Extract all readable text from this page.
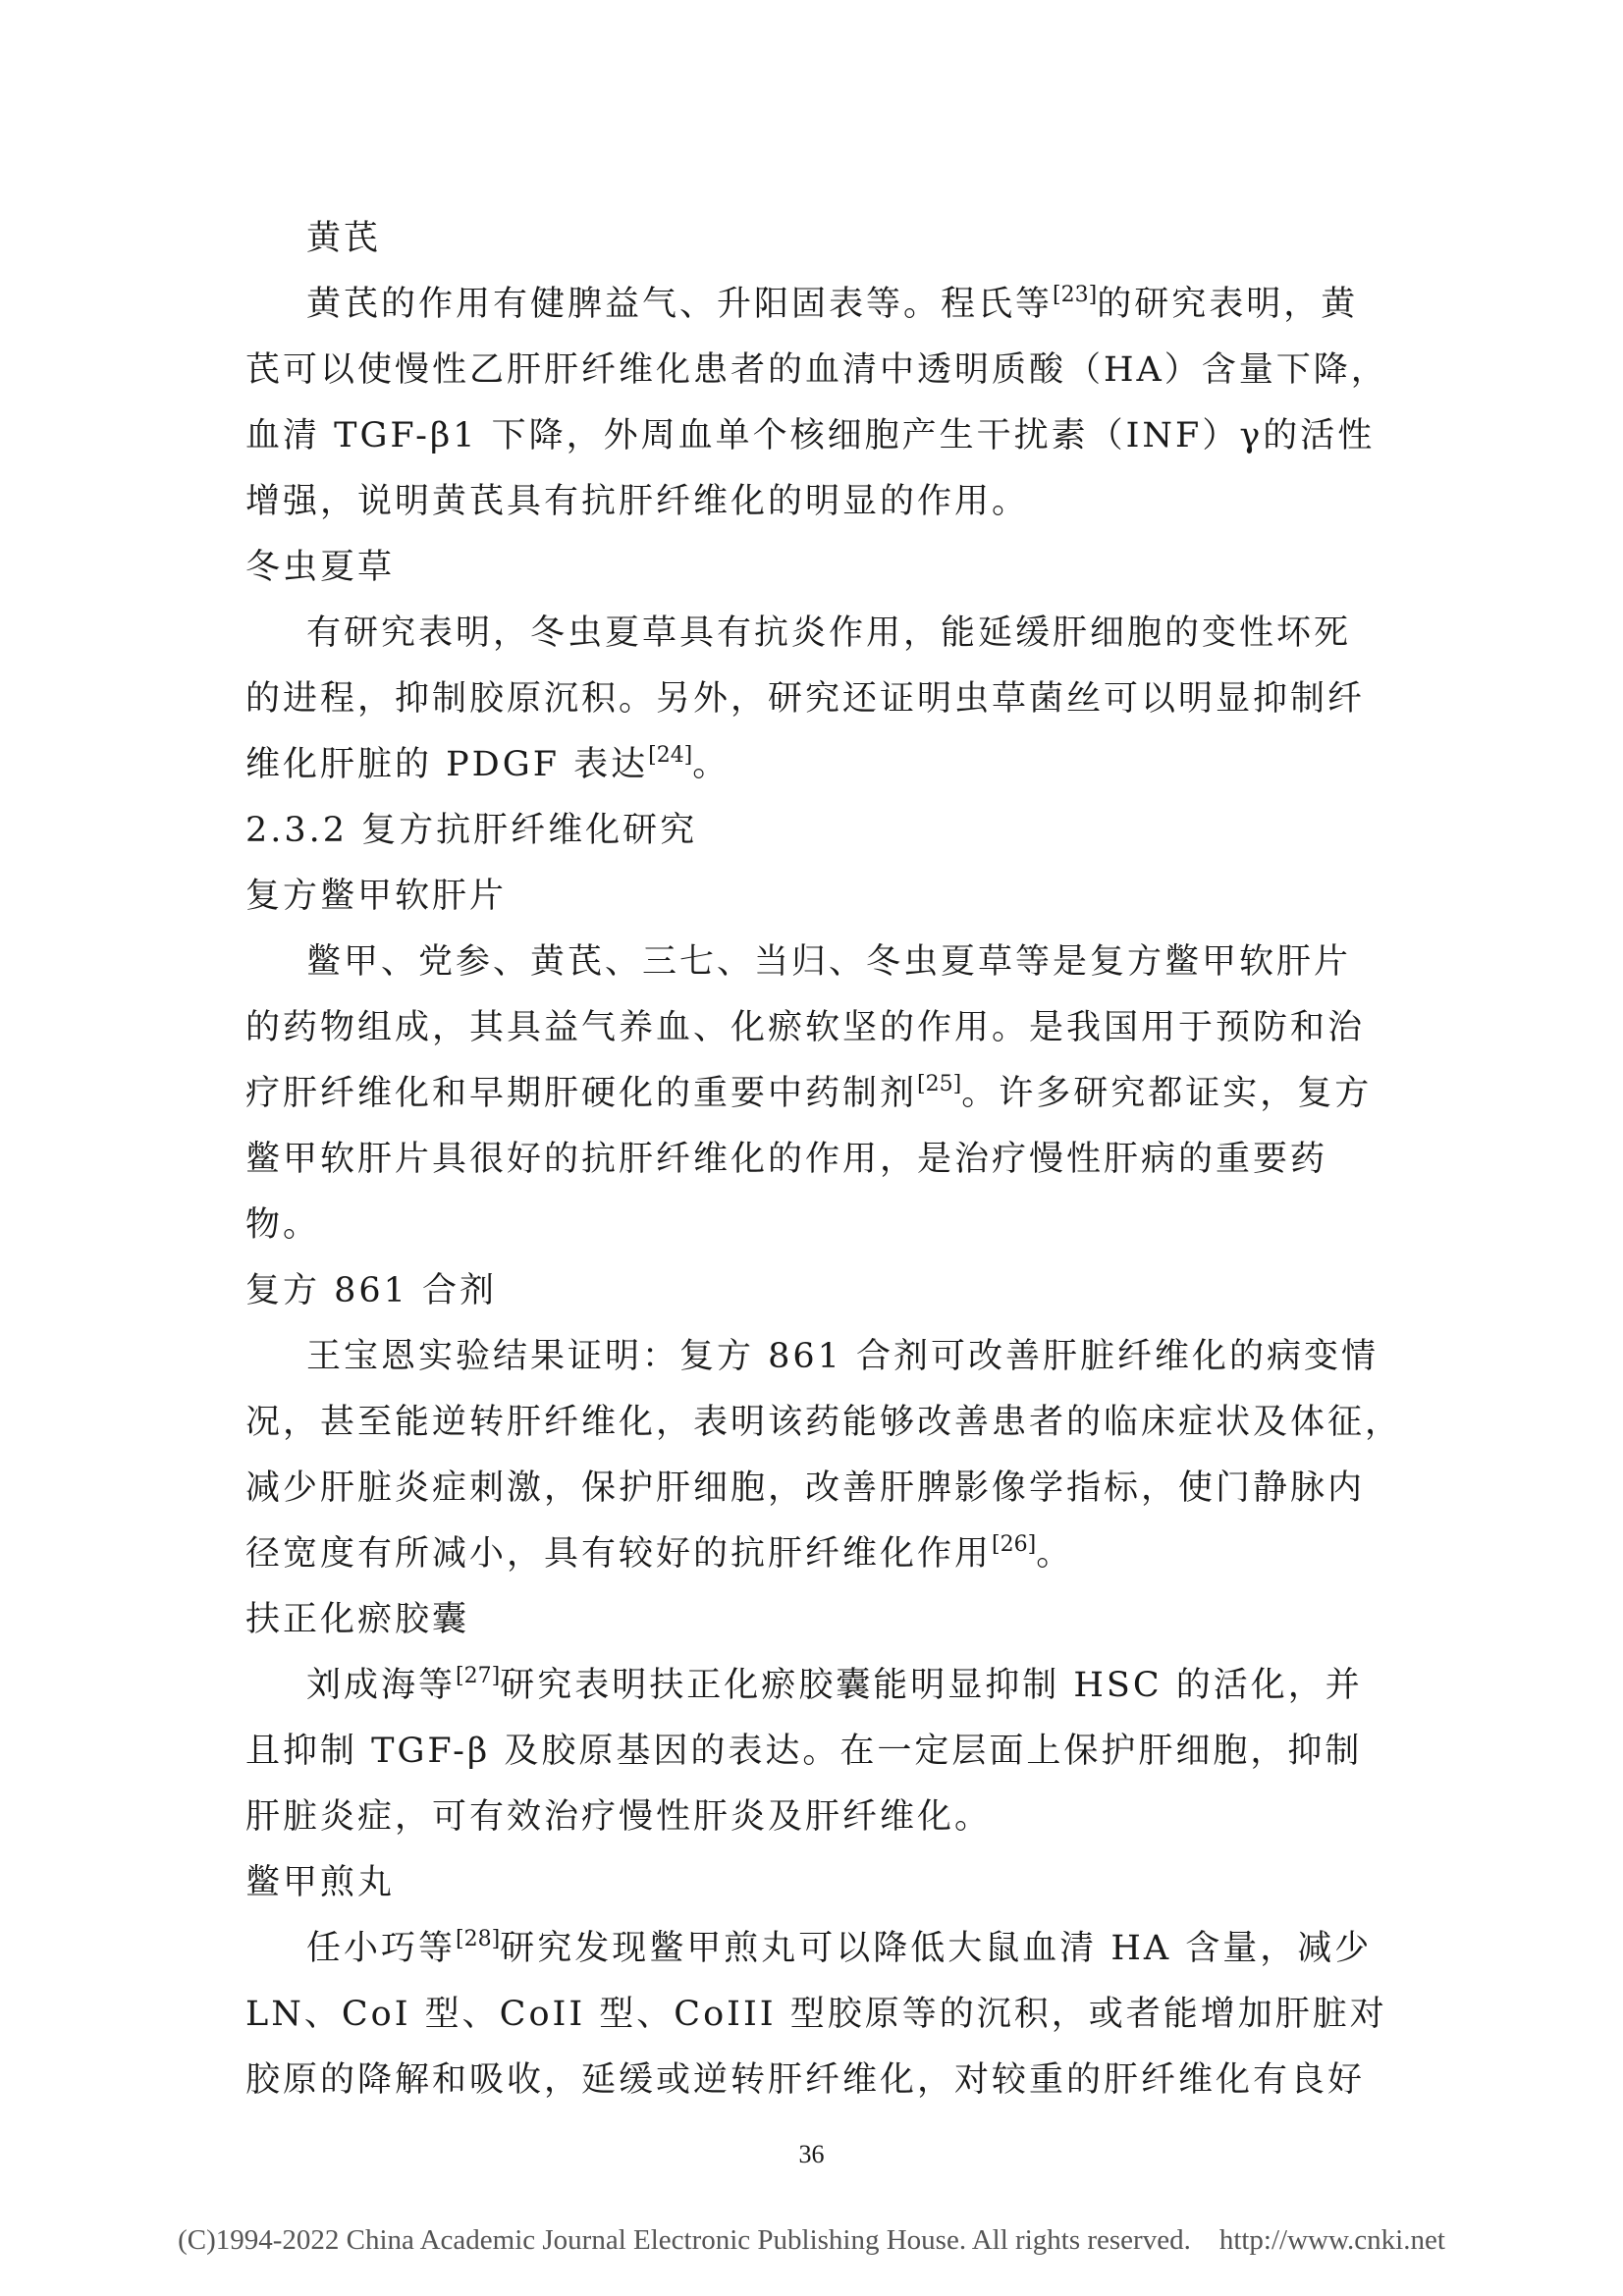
黄芪

黄芪的作用有健脾益气、升阳固表等。程氏等[23]的研究表明，黄

芪可以使慢性乙肝肝纤维化患者的血清中透明质酸（HA）含量下降，

血清 TGF-β1 下降，外周血单个核细胞产生干扰素（INF）γ的活性

增强，说明黄芪具有抗肝纤维化的明显的作用。

冬虫夏草

有研究表明，冬虫夏草具有抗炎作用，能延缓肝细胞的变性坏死

的进程，抑制胶原沉积。另外，研究还证明虫草菌丝可以明显抑制纤

维化肝脏的 PDGF 表达[24]。

2.3.2 复方抗肝纤维化研究

复方鳖甲软肝片

鳖甲、党参、黄芪、三七、当归、冬虫夏草等是复方鳖甲软肝片

的药物组成，其具益气养血、化瘀软坚的作用。是我国用于预防和治

疗肝纤维化和早期肝硬化的重要中药制剂[25]。许多研究都证实，复方

鳖甲软肝片具很好的抗肝纤维化的作用，是治疗慢性肝病的重要药

物。

复方 861 合剂

王宝恩实验结果证明：复方 861 合剂可改善肝脏纤维化的病变情

况，甚至能逆转肝纤维化，表明该药能够改善患者的临床症状及体征，

减少肝脏炎症刺激，保护肝细胞，改善肝脾影像学指标，使门静脉内

径宽度有所减小，具有较好的抗肝纤维化作用[26]。

扶正化瘀胶囊

刘成海等[27]研究表明扶正化瘀胶囊能明显抑制 HSC 的活化，并

且抑制 TGF-β 及胶原基因的表达。在一定层面上保护肝细胞，抑制

肝脏炎症，可有效治疗慢性肝炎及肝纤维化。

鳖甲煎丸

任小巧等[28]研究发现鳖甲煎丸可以降低大鼠血清 HA 含量，减少

LN、CoI 型、CoII 型、CoIII 型胶原等的沉积，或者能增加肝脏对

胶原的降解和吸收，延缓或逆转肝纤维化，对较重的肝纤维化有良好

36
(C)1994-2022 China Academic Journal Electronic Publishing House. All rights reserved.    http://www.cnki.net
